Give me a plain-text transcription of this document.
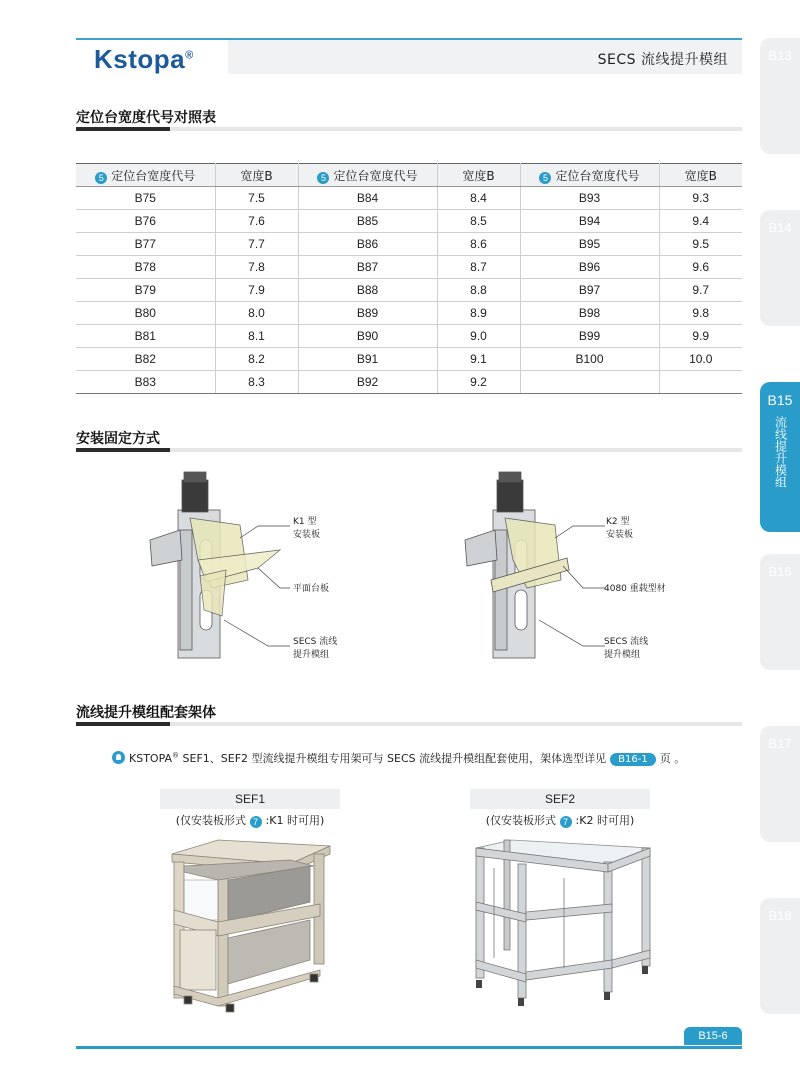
Kstopa®	SECS 流线提升模组	B13
B14
B15
流线提升模组
B16
B17
B18
定位台宽度代号对照表
5 定位台宽度代号	宽度B	5 定位台宽度代号	宽度B	5 定位台宽度代号	宽度B
B75	7.5	B84	8.4	B93	9.3
B76	7.6	B85	8.5	B94	9.4
B77	7.7	B86	8.6	B95	9.5
B78	7.8	B87	8.7	B96	9.6
B79	7.9	B88	8.8	B97	9.7
B80	8.0	B89	8.9	B98	9.8
B81	8.1	B90	9.0	B99	9.9
B82	8.2	B91	9.1	B100	10.0
B83	8.3	B92	9.2		
安装固定方式
K1 型
安装板
平面台板
SECS 流线
提升模组
K2 型
安装板
4080 重载型材
SECS 流线
提升模组
流线提升模组配套架体
KSTOPA® SEF1、SEF2 型流线提升模组专用架可与 SECS 流线提升模组配套使用，架体选型详见 B16-1 页 。
SEF1
(仅安装板形式 7 :K1 时可用)
SEF2
(仅安装板形式 7 :K2 时可用)
B15-6
